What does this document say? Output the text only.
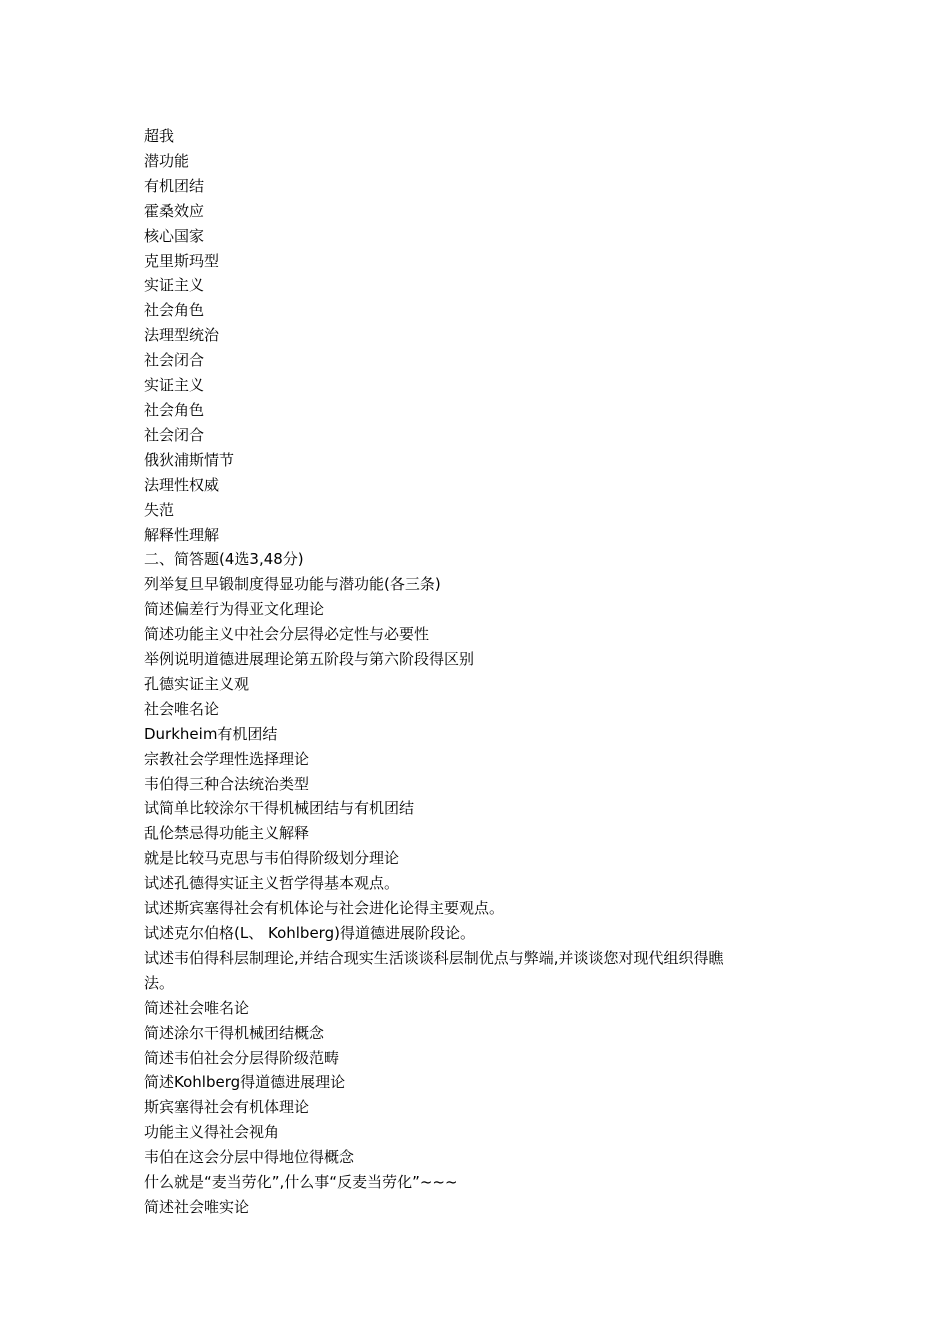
超我
潜功能
有机团结
霍桑效应
核心国家
克里斯玛型
实证主义
社会角色
法理型统治
社会闭合
实证主义
社会角色
社会闭合
俄狄浦斯情节
法理性权威
失范
解释性理解
二、简答题(4选3,48分)
列举复旦早锻制度得显功能与潜功能(各三条)
简述偏差行为得亚文化理论
简述功能主义中社会分层得必定性与必要性
举例说明道德进展理论第五阶段与第六阶段得区别
孔德实证主义观
社会唯名论
Durkheim有机团结
宗教社会学理性选择理论
韦伯得三种合法统治类型
试简单比较涂尔干得机械团结与有机团结
乱伦禁忌得功能主义解释
就是比较马克思与韦伯得阶级划分理论
试述孔德得实证主义哲学得基本观点。
试述斯宾塞得社会有机体论与社会进化论得主要观点。
试述克尔伯格(L、 Kohlberg)得道德进展阶段论。
试述韦伯得科层制理论,并结合现实生活谈谈科层制优点与弊端,并谈谈您对现代组织得瞧法。
简述社会唯名论
简述涂尔干得机械团结概念
简述韦伯社会分层得阶级范畴
简述Kohlberg得道德进展理论
斯宾塞得社会有机体理论
功能主义得社会视角
韦伯在这会分层中得地位得概念
什么就是“麦当劳化”,什么事“反麦当劳化”~~~
简述社会唯实论
